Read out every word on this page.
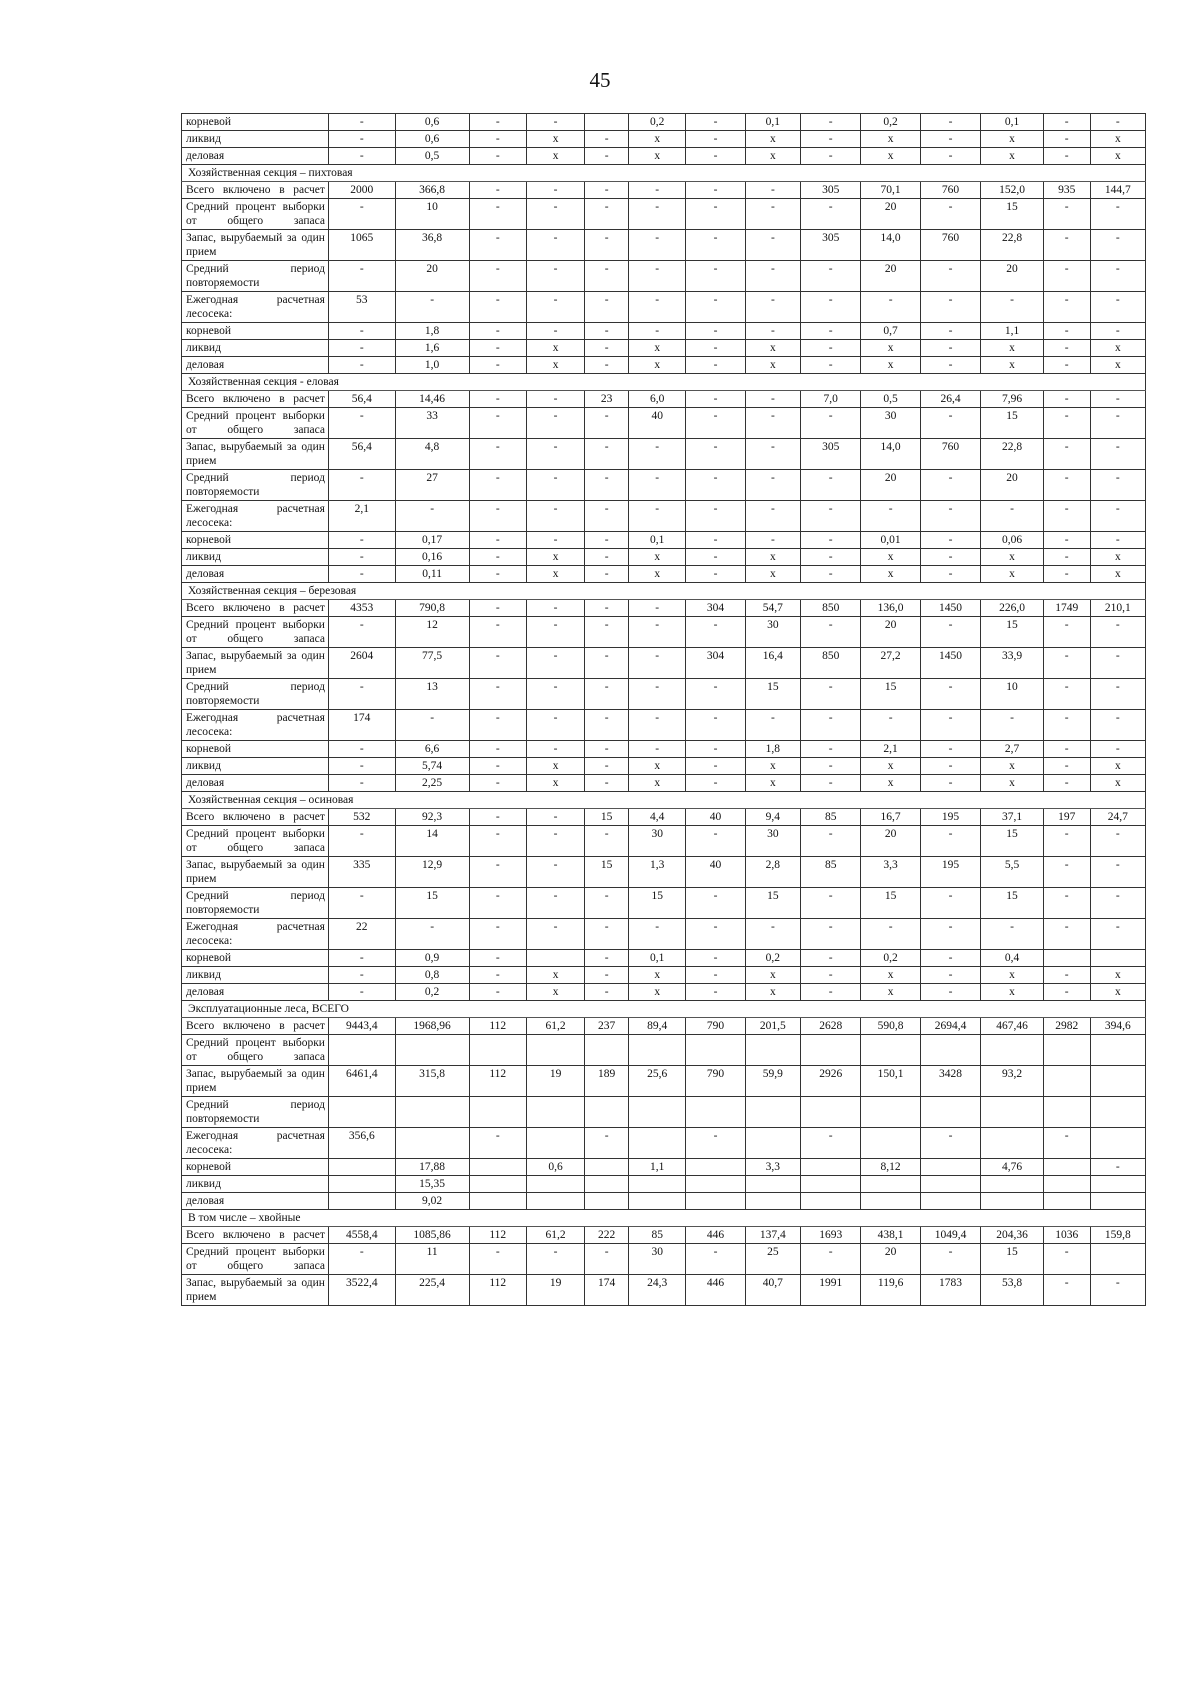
45
корневой	-	0,6	-	-		0,2	-	0,1	-	0,2	-	0,1	-	-
ликвид	-	0,6	-	x	-	x	-	x	-	x	-	x	-	x
деловая	-	0,5	-	x	-	x	-	x	-	x	-	x	-	x
Хозяйственная секция – пихтовая														
Всего включено в расчет	2000	366,8	-	-	-	-	-	-	305	70,1	760	152,0	935	144,7
Средний процент выборки от общего запаса	-	10	-	-	-	-	-	-	-	20	-	15	-	-
Запас, вырубаемый за один прием	1065	36,8	-	-	-	-	-	-	305	14,0	760	22,8	-	-
Средний период повторяемости	-	20	-	-	-	-	-	-	-	20	-	20	-	-
Ежегодная расчетная лесосека:	53	-	-	-	-	-	-	-	-	-	-	-	-	-
корневой	-	1,8	-	-	-	-	-	-	-	0,7	-	1,1	-	-
ликвид	-	1,6	-	x	-	x	-	x	-	x	-	x	-	x
деловая	-	1,0	-	x	-	x	-	x	-	x	-	x	-	x
Хозяйственная секция - еловая														
Всего включено в расчет	56,4	14,46	-	-	23	6,0	-	-	7,0	0,5	26,4	7,96	-	-
Средний процент выборки от общего запаса	-	33	-	-	-	40	-	-	-	30	-	15	-	-
Запас, вырубаемый за один прием	56,4	4,8	-	-	-	-	-	-	305	14,0	760	22,8	-	-
Средний период повторяемости	-	27	-	-	-	-	-	-	-	20	-	20	-	-
Ежегодная расчетная лесосека:	2,1	-	-	-	-	-	-	-	-	-	-	-	-	-
корневой	-	0,17	-	-	-	0,1	-	-	-	0,01	-	0,06	-	-
ликвид	-	0,16	-	x	-	x	-	x	-	x	-	x	-	x
деловая	-	0,11	-	x	-	x	-	x	-	x	-	x	-	x
Хозяйственная секция – березовая														
Всего включено в расчет	4353	790,8	-	-	-	-	304	54,7	850	136,0	1450	226,0	1749	210,1
Средний процент выборки от общего запаса	-	12	-	-	-	-	-	30	-	20	-	15	-	-
Запас, вырубаемый за один прием	2604	77,5	-	-	-	-	304	16,4	850	27,2	1450	33,9	-	-
Средний период повторяемости	-	13	-	-	-	-	-	15	-	15	-	10	-	-
Ежегодная расчетная лесосека:	174	-	-	-	-	-	-	-	-	-	-	-	-	-
корневой	-	6,6	-	-	-	-	-	1,8	-	2,1	-	2,7	-	-
ликвид	-	5,74	-	x	-	x	-	x	-	x	-	x	-	x
деловая	-	2,25	-	x	-	x	-	x	-	x	-	x	-	x
Хозяйственная секция – осиновая														
Всего включено в расчет	532	92,3	-	-	15	4,4	40	9,4	85	16,7	195	37,1	197	24,7
Средний процент выборки от общего запаса	-	14	-	-	-	30	-	30	-	20	-	15	-	-
Запас, вырубаемый за один прием	335	12,9	-	-	15	1,3	40	2,8	85	3,3	195	5,5	-	-
Средний период повторяемости	-	15	-	-	-	15	-	15	-	15	-	15	-	-
Ежегодная расчетная лесосека:	22	-	-	-	-	-	-	-	-	-	-	-	-	-
корневой	-	0,9	-		-	0,1	-	0,2	-	0,2	-	0,4		
ликвид	-	0,8	-	x	-	x	-	x	-	x	-	x	-	x
деловая	-	0,2	-	x	-	x	-	x	-	x	-	x	-	x
Эксплуатационные леса, ВСЕГО														
Всего включено в расчет	9443,4	1968,96	112	61,2	237	89,4	790	201,5	2628	590,8	2694,4	467,46	2982	394,6
Средний процент выборки от общего запаса														
Запас, вырубаемый за один прием	6461,4	315,8	112	19	189	25,6	790	59,9	2926	150,1	3428	93,2		
Средний период повторяемости														
Ежегодная расчетная лесосека:	356,6		-		-		-		-		-		-	
корневой		17,88		0,6		1,1		3,3		8,12		4,76		-
ликвид		15,35												
деловая		9,02												
В том числе – хвойные														
Всего включено в расчет	4558,4	1085,86	112	61,2	222	85	446	137,4	1693	438,1	1049,4	204,36	1036	159,8
Средний процент выборки от общего запаса	-	11	-	-	-	30	-	25	-	20	-	15	-	
Запас, вырубаемый за один прием	3522,4	225,4	112	19	174	24,3	446	40,7	1991	119,6	1783	53,8	-	-
